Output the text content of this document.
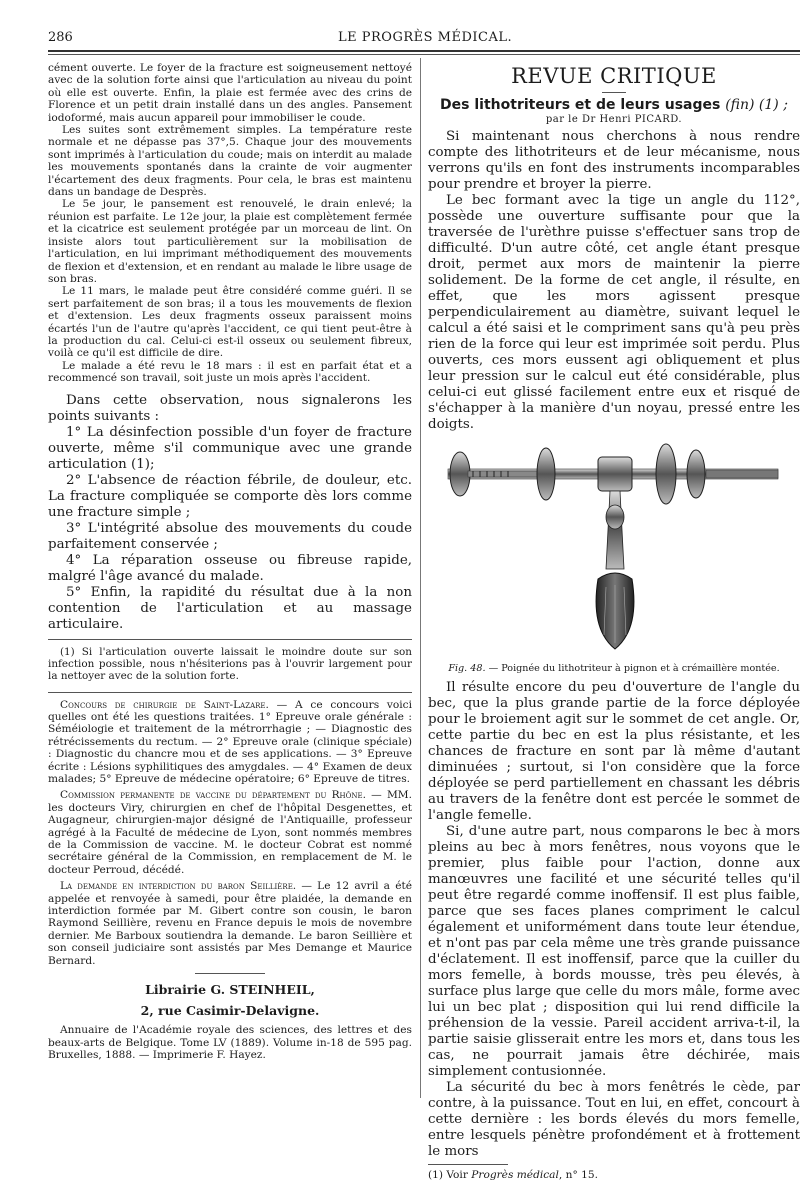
286	LE PROGRÈS MÉDICAL.

cément ouverte. Le foyer de la fracture est soigneusement nettoyé avec de la solution forte ainsi que l'articulation au niveau du point où elle est ouverte. Enfin, la plaie est fermée avec des crins de Florence et un petit drain installé dans un des angles. Pansement iodoformé, mais aucun appareil pour immobiliser le coude.

Les suites sont extrêmement simples. La température reste normale et ne dépasse pas 37°,5. Chaque jour des mouvements sont imprimés à l'articulation du coude; mais on interdit au malade les mouvements spontanés dans la crainte de voir augmenter l'écartement des deux fragments. Pour cela, le bras est maintenu dans un bandage de Desprès.

Le 5e jour, le pansement est renouvelé, le drain enlevé; la réunion est parfaite. Le 12e jour, la plaie est complètement fermée et la cicatrice est seulement protégée par un morceau de lint. On insiste alors tout particulièrement sur la mobilisation de l'articulation, en lui imprimant méthodiquement des mouvements de flexion et d'extension, et en rendant au malade le libre usage de son bras.

Le 11 mars, le malade peut être considéré comme guéri. Il se sert parfaitement de son bras; il a tous les mouvements de flexion et d'extension. Les deux fragments osseux paraissent moins écartés l'un de l'autre qu'après l'accident, ce qui tient peut-être à la production du cal. Celui-ci est-il osseux ou seulement fibreux, voilà ce qu'il est difficile de dire.

Le malade a été revu le 18 mars : il est en parfait état et a recommencé son travail, soit juste un mois après l'accident.

Dans cette observation, nous signalerons les points suivants :

1° La désinfection possible d'un foyer de fracture ouverte, même s'il communique avec une grande articulation (1);

2° L'absence de réaction fébrile, de douleur, etc. La fracture compliquée se comporte dès lors comme une fracture simple ;

3° L'intégrité absolue des mouvements du coude parfaitement conservée ;

4° La réparation osseuse ou fibreuse rapide, malgré l'âge avancé du malade.

5° Enfin, la rapidité du résultat due à la non contention de l'articulation et au massage articulaire.

(1) Si l'articulation ouverte laissait le moindre doute sur son infection possible, nous n'hésiterions pas à l'ouvrir largement pour la nettoyer avec de la solution forte.

Concours de chirurgie de Saint-Lazare. — A ce concours voici quelles ont été les questions traitées. 1° Epreuve orale générale : Séméiologie et traitement de la métrorrhagie ; — Diagnostic des rétrécissements du rectum. — 2° Epreuve orale (clinique spéciale) : Diagnostic du chancre mou et de ses applications. — 3° Epreuve écrite : Lésions syphilitiques des amygdales. — 4° Examen de deux malades; 5° Epreuve de médecine opératoire; 6° Epreuve de titres.

Commission permanente de vaccine du département du Rhône. — MM. les docteurs Viry, chirurgien en chef de l'hôpital Desgenettes, et Augagneur, chirurgien-major désigné de l'Antiquaille, professeur agrégé à la Faculté de médecine de Lyon, sont nommés membres de la Commission de vaccine. M. le docteur Cobrat est nommé secrétaire général de la Commission, en remplacement de M. le docteur Perroud, décédé.

La demande en interdiction du baron Seillière. — Le 12 avril a été appelée et renvoyée à samedi, pour être plaidée, la demande en interdiction formée par M. Gibert contre son cousin, le baron Raymond Seillière, revenu en France depuis le mois de novembre dernier. Me Barboux soutiendra la demande. Le baron Seillière et son conseil judiciaire sont assistés par Mes Demange et Maurice Bernard.

Librairie G. STEINHEIL,
2, rue Casimir-Delavigne.

Annuaire de l'Académie royale des sciences, des lettres et des beaux-arts de Belgique. Tome LV (1889). Volume in-18 de 595 pag. Bruxelles, 1888. — Imprimerie F. Hayez.

REVUE CRITIQUE
Des lithotriteurs et de leurs usages (fin) (1) ;
par le Dr Henri PICARD.

Si maintenant nous cherchons à nous rendre compte des lithotriteurs et de leur mécanisme, nous verrons qu'ils en font des instruments incomparables pour prendre et broyer la pierre.

Le bec formant avec la tige un angle du 112°, possède une ouverture suffisante pour que la traversée de l'urèthre puisse s'effectuer sans trop de difficulté. D'un autre côté, cet angle étant presque droit, permet aux mors de maintenir la pierre solidement. De la forme de cet angle, il résulte, en effet, que les mors agissent presque perpendiculairement au diamètre, suivant lequel le calcul a été saisi et le compriment sans qu'à peu près rien de la force qui leur est imprimée soit perdu. Plus ouverts, ces mors eussent agi obliquement et plus leur pression sur le calcul eut été considérable, plus celui-ci eut glissé facilement entre eux et risqué de s'échapper à la manière d'un noyau, pressé entre les doigts.

Fig. 48. — Poignée du lithotriteur à pignon et à crémaillère montée.

Il résulte encore du peu d'ouverture de l'angle du bec, que la plus grande partie de la force déployée pour le broiement agit sur le sommet de cet angle. Or, cette partie du bec en est la plus résistante, et les chances de fracture en sont par là même d'autant diminuées ; surtout, si l'on considère que la force déployée se perd partiellement en chassant les débris au travers de la fenêtre dont est percée le sommet de l'angle femelle.

Si, d'une autre part, nous comparons le bec à mors pleins au bec à mors fenêtres, nous voyons que le premier, plus faible pour l'action, donne aux manœuvres une facilité et une sécurité telles qu'il peut être regardé comme inoffensif. Il est plus faible, parce que ses faces planes compriment le calcul également et uniformément dans toute leur étendue, et n'ont pas par cela même une très grande puissance d'éclatement. Il est inoffensif, parce que la cuiller du mors femelle, à bords mousse, très peu élevés, à surface plus large que celle du mors mâle, forme avec lui un bec plat ; disposition qui lui rend difficile la préhension de la vessie. Pareil accident arriva-t-il, la partie saisie glisserait entre les mors et, dans tous les cas, ne pourrait jamais être déchirée, mais simplement contusionnée.

La sécurité du bec à mors fenêtrés le cède, par contre, à la puissance. Tout en lui, en effet, concourt à cette dernière : les bords élevés du mors femelle, entre lesquels pénètre profondément et à frottement le mors

(1) Voir Progrès médical, n° 15.
